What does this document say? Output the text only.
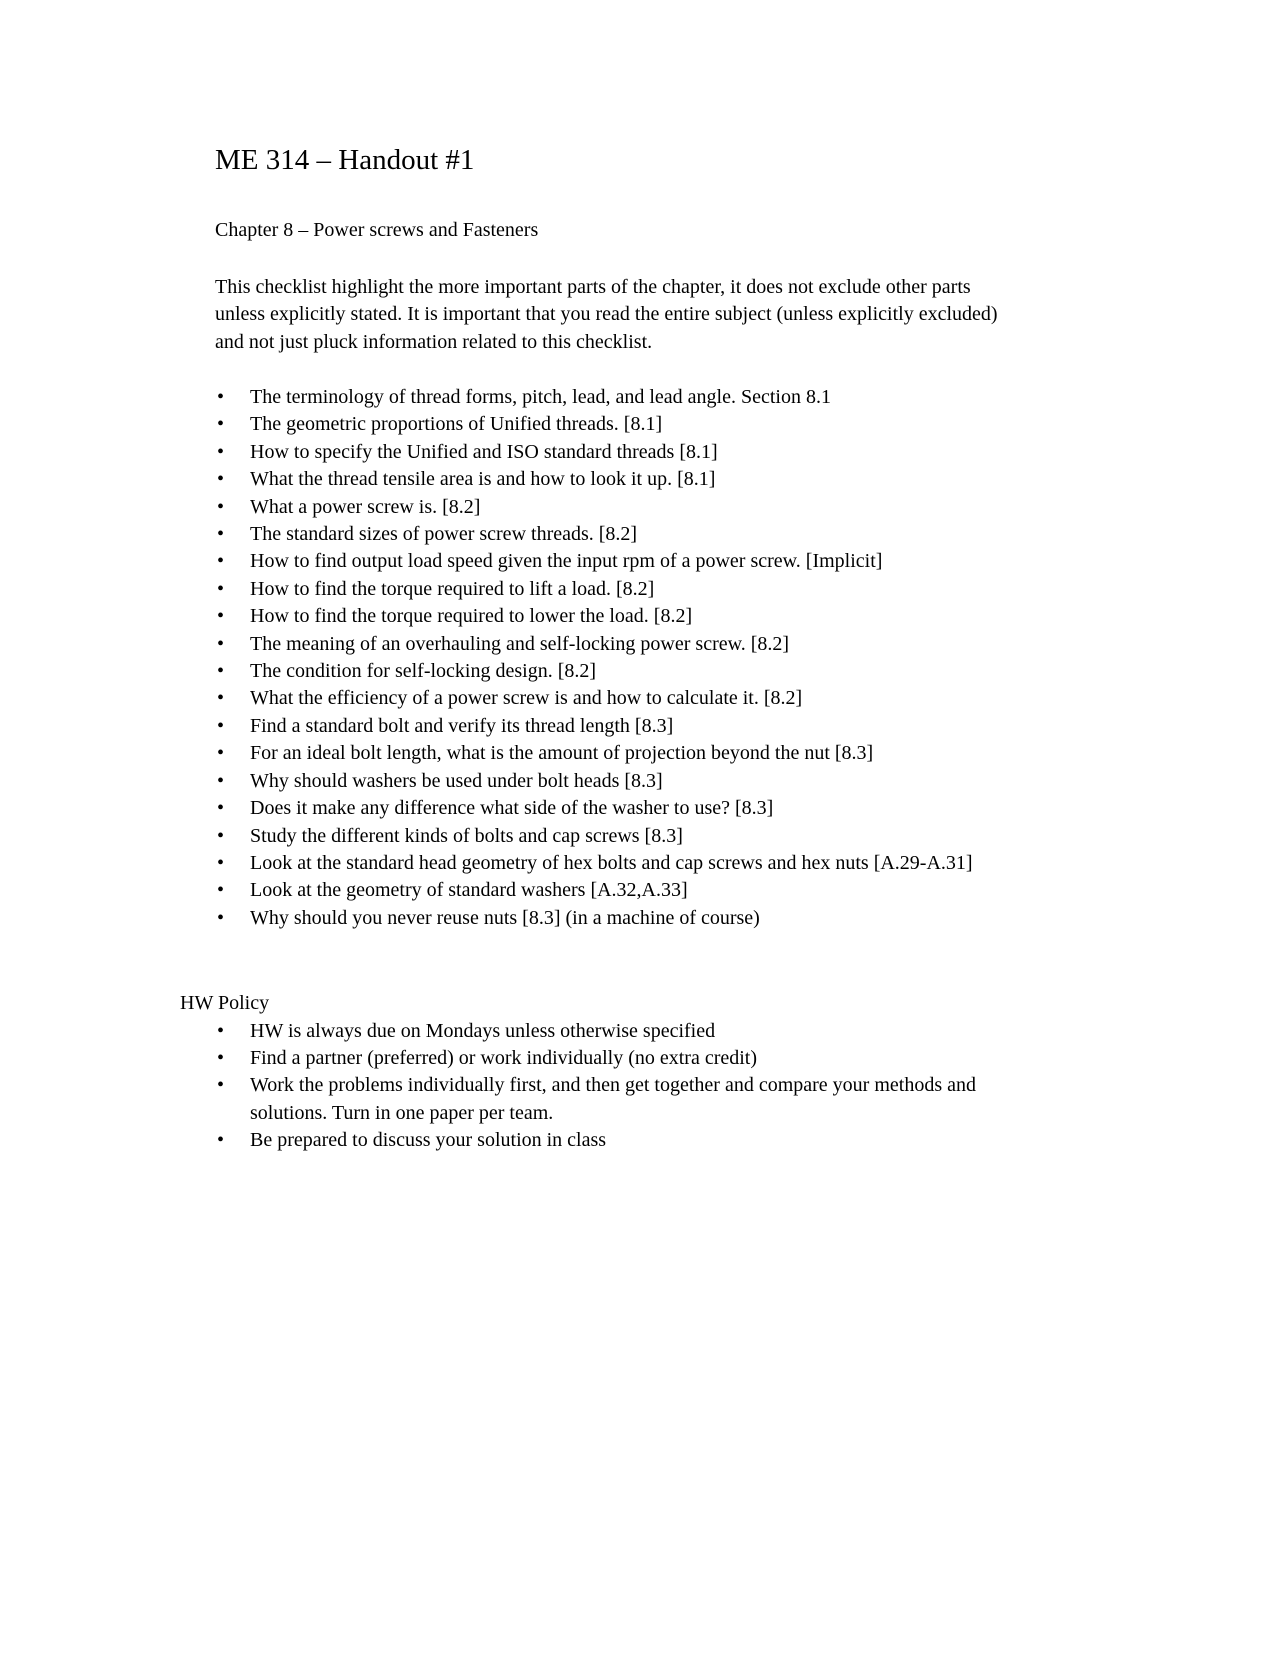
ME 314 – Handout #1

Chapter 8 – Power screws and Fasteners

This checklist highlight the more important parts of the chapter, it does not exclude other parts unless explicitly stated. It is important that you read the entire subject (unless explicitly excluded) and not just pluck information related to this checklist.

• The terminology of thread forms, pitch, lead, and lead angle. Section 8.1
• The geometric proportions of Unified threads. [8.1]
• How to specify the Unified and ISO standard threads [8.1]
• What the thread tensile area is and how to look it up. [8.1]
• What a power screw is. [8.2]
• The standard sizes of power screw threads. [8.2]
• How to find output load speed given the input rpm of a power screw. [Implicit]
• How to find the torque required to lift a load. [8.2]
• How to find the torque required to lower the load. [8.2]
• The meaning of an overhauling and self-locking power screw. [8.2]
• The condition for self-locking design. [8.2]
• What the efficiency of a power screw is and how to calculate it. [8.2]
• Find a standard bolt and verify its thread length [8.3]
• For an ideal bolt length, what is the amount of projection beyond the nut [8.3]
• Why should washers be used under bolt heads [8.3]
• Does it make any difference what side of the washer to use? [8.3]
• Study the different kinds of bolts and cap screws [8.3]
• Look at the standard head geometry of hex bolts and cap screws and hex nuts [A.29-A.31]
• Look at the geometry of standard washers [A.32,A.33]
• Why should you never reuse nuts [8.3] (in a machine of course)

HW Policy

• HW is always due on Mondays unless otherwise specified
• Find a partner (preferred) or work individually (no extra credit)
• Work the problems individually first, and then get together and compare your methods and solutions. Turn in one paper per team.
• Be prepared to discuss your solution in class
